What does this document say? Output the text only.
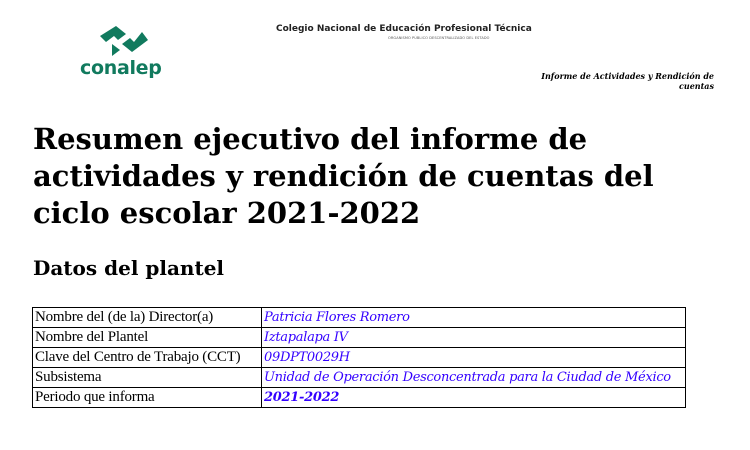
conalep
Colegio Nacional de Educación Profesional Técnica
ORGANISMO PÚBLICO DESCENTRALIZADO DEL ESTADO
Informe de Actividades y Rendición de cuentas
Resumen ejecutivo del informe de actividades y rendición de cuentas del ciclo escolar 2021-2022
Datos del plantel
Nombre del (de la) Director(a)	Patricia Flores Romero
Nombre del Plantel	Iztapalapa IV
Clave del Centro de Trabajo (CCT)	09DPT0029H
Subsistema	Unidad de Operación Desconcentrada para la Ciudad de México
Periodo que informa	2021-2022
